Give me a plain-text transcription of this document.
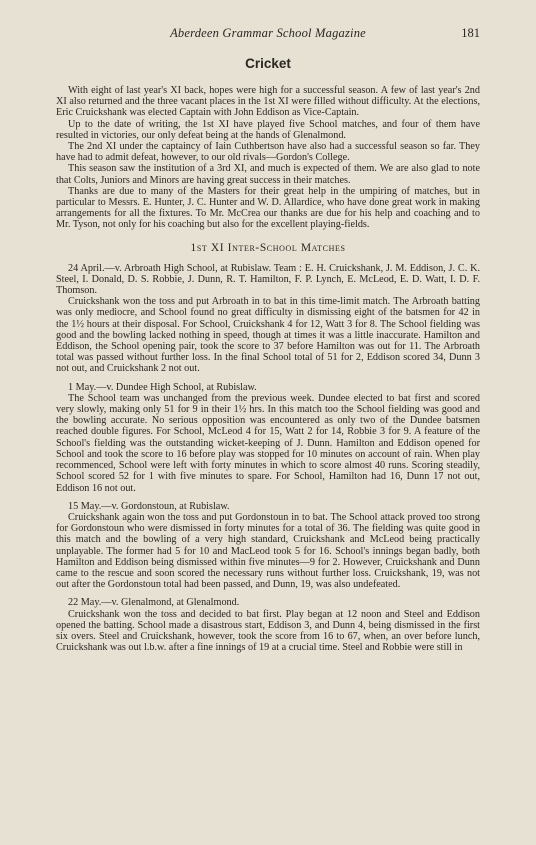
Aberdeen Grammar School Magazine	181
Cricket

With eight of last year's XI back, hopes were high for a successful season. A few of last year's 2nd XI also returned and the three vacant places in the 1st XI were filled without difficulty. At the elections, Eric Cruickshank was elected Captain with John Eddison as Vice-Captain.

Up to the date of writing, the 1st XI have played five School matches, and four of them have resulted in victories, our only defeat being at the hands of Glenalmond.

The 2nd XI under the captaincy of Iain Cuthbertson have also had a successful season so far. They have had to admit defeat, however, to our old rivals—Gordon's College.

This season saw the institution of a 3rd XI, and much is expected of them. We are also glad to note that Colts, Juniors and Minors are having great success in their matches.

Thanks are due to many of the Masters for their great help in the umpiring of matches, but in particular to Messrs. E. Hunter, J. C. Hunter and W. D. Allardice, who have done great work in making arrangements for all the fixtures. To Mr. McCrea our thanks are due for his help and coaching and to Mr. Tyson, not only for his coaching but also for the excellent playing-fields.

1st XI Inter-School Matches

24 April.—v. Arbroath High School, at Rubislaw. Team : E. H. Cruickshank, J. M. Eddison, J. C. K. Steel, I. Donald, D. S. Robbie, J. Dunn, R. T. Hamilton, F. P. Lynch, E. McLeod, E. D. Watt, I. D. F. Thomson.

Cruickshank won the toss and put Arbroath in to bat in this time-limit match. The Arbroath batting was only mediocre, and School found no great difficulty in dismissing eight of the batsmen for 42 in the 1½ hours at their disposal. For School, Cruickshank 4 for 12, Watt 3 for 8. The School fielding was good and the bowling lacked nothing in speed, though at times it was a little inaccurate. Hamilton and Eddison, the School opening pair, took the score to 37 before Hamilton was out for 11. The Arbroath total was passed without further loss. In the final School total of 51 for 2, Eddison scored 34, Dunn 3 not out, and Cruickshank 2 not out.

1 May.—v. Dundee High School, at Rubislaw.

The School team was unchanged from the previous week. Dundee elected to bat first and scored very slowly, making only 51 for 9 in their 1½ hrs. In this match too the School fielding was good and the bowling accurate. No serious opposition was encountered as only two of the Dundee batsmen reached double figures. For School, McLeod 4 for 15, Watt 2 for 14, Robbie 3 for 9. A feature of the School's fielding was the outstanding wicket-keeping of J. Dunn. Hamilton and Eddison opened for School and took the score to 16 before play was stopped for 10 minutes on account of rain. When play recommenced, School were left with forty minutes in which to score almost 40 runs. Scoring steadily, School scored 52 for 1 with five minutes to spare. For School, Hamilton had 16, Dunn 17 not out, Eddison 16 not out.

15 May.—v. Gordonstoun, at Rubislaw.

Cruickshank again won the toss and put Gordonstoun in to bat. The School attack proved too strong for Gordonstoun who were dismissed in forty minutes for a total of 36. The fielding was quite good in this match and the bowling of a very high standard, Cruickshank and McLeod being practically unplayable. The former had 5 for 10 and MacLeod took 5 for 16. School's innings began badly, both Hamilton and Eddison being dismissed within five minutes—9 for 2. However, Cruickshank and Dunn came to the rescue and soon scored the necessary runs without further loss. Cruickshank, 19, was not out after the Gordonstoun total had been passed, and Dunn, 19, was also undefeated.

22 May.—v. Glenalmond, at Glenalmond.

Cruickshank won the toss and decided to bat first. Play began at 12 noon and Steel and Eddison opened the batting. School made a disastrous start, Eddison 3, and Dunn 4, being dismissed in the first six overs. Steel and Cruickshank, however, took the score from 16 to 67, when, an over before lunch, Cruickshank was out l.b.w. after a fine innings of 19 at a crucial time. Steel and Robbie were still in
